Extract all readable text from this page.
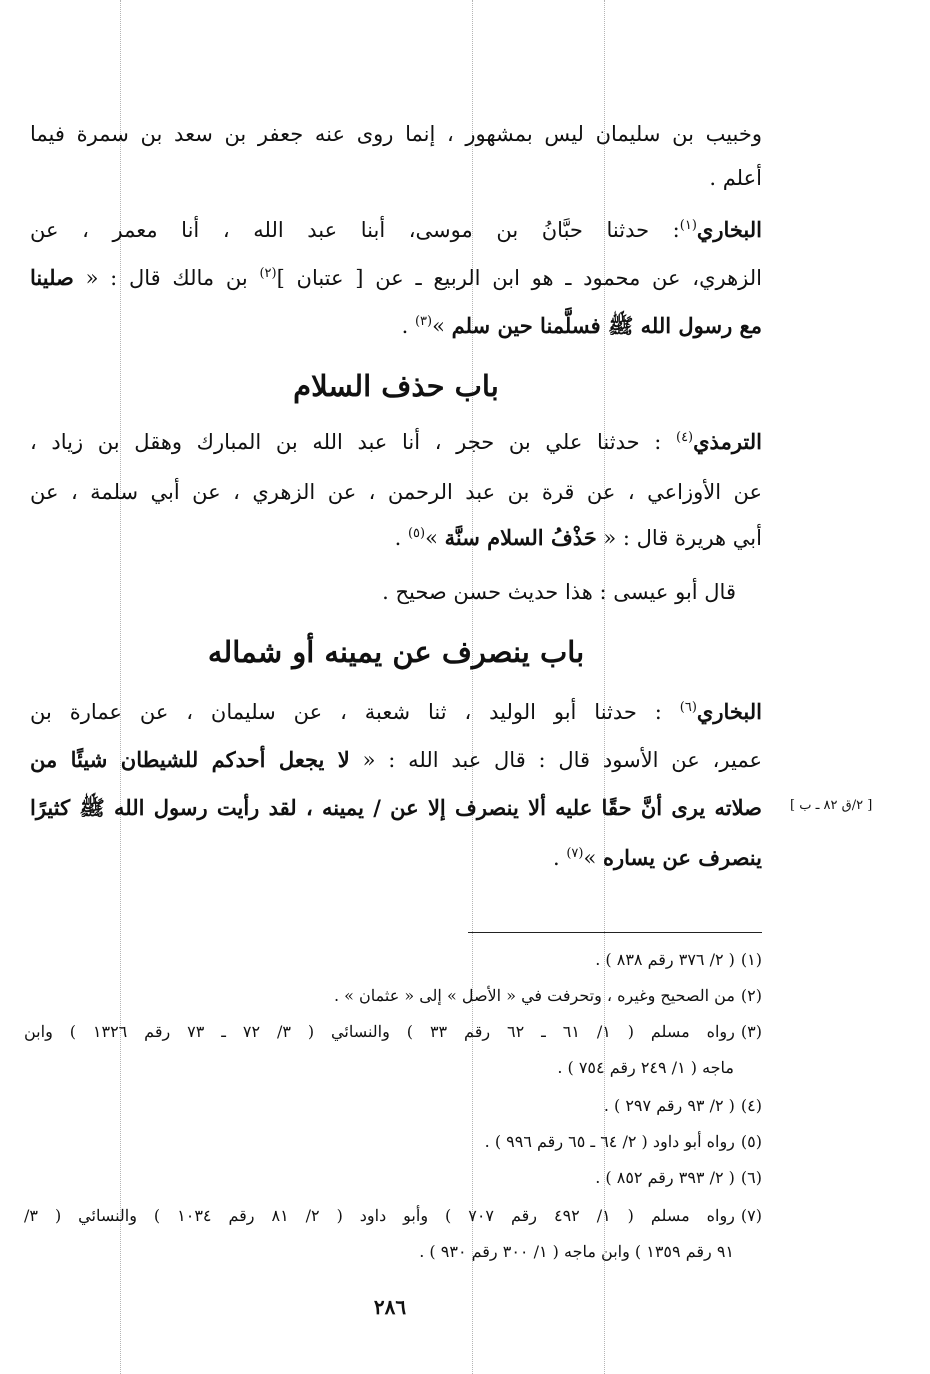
وخبيب بن سليمان ليس بمشهور ، إنما روى عنه جعفر بن سعد بن سمرة فيما
أعلم .
البخاري$^{(١)}$: حدثنا حبَّانُ بن موسى، أبنا عبد الله ، أنا معمر ، عن
الزهري، عن محمود ـ هو ابن الربيع ـ عن [ عتبان ]$^{(٢)}$ بن مالك قال : « صلينا
مع رسول الله ﷺ فسلَّمنا حين سلم »$^{(٣)}$ .
باب حذف السلام
الترمذي$^{(٤)}$ : حدثنا علي بن حجر ، أنا عبد الله بن المبارك وهقل بن زياد ،
عن الأوزاعي ، عن قرة بن عبد الرحمن ، عن الزهري ، عن أبي سلمة ، عن
أبي هريرة قال : « حَذْفُ السلام سنَّة »$^{(٥)}$ .
قال أبو عيسى : هذا حديث حسن صحيح .
باب ينصرف عن يمينه أو شماله
البخاري$^{(٦)}$ : حدثنا أبو الوليد ، ثنا شعبة ، عن سليمان ، عن عمارة بن
عمير، عن الأسود قال : قال عبد الله : « لا يجعل أحدكم للشيطان شيئًا من
صلاته يرى أنَّ حقًا عليه ألا ينصرف إلا عن / يمينه ، لقد رأيت رسول الله ﷺ كثيرًا
ينصرف عن يساره »$^{(٧)}$ .
[ ٢/ق ٨٢ ـ ب ]
(١)( ٢/ ٣٧٦ رقم ٨٣٨ ) .
(٢)من الصحيح وغيره ، وتحرفت في « الأصل » إلى « عثمان » .
(٣)رواه مسلم ( ١/ ٦١ ـ ٦٢ رقم ٣٣ ) والنسائي ( ٣/ ٧٢ ـ ٧٣ رقم ١٣٢٦ ) وابن
ماجه ( ١/ ٢٤٩ رقم ٧٥٤ ) .
(٤)( ٢/ ٩٣ رقم ٢٩٧ ) .
(٥)رواه أبو داود ( ٢/ ٦٤ ـ ٦٥ رقم ٩٩٦ ) .
(٦)( ٢/ ٣٩٣ رقم ٨٥٢ ) .
(٧)رواه مسلم ( ١/ ٤٩٢ رقم ٧٠٧ ) وأبو داود ( ٢/ ٨١ رقم ١٠٣٤ ) والنسائي ( ٣/
٩١ رقم ١٣٥٩ ) وابن ماجه ( ١/ ٣٠٠ رقم ٩٣٠ ) .
٢٨٦
